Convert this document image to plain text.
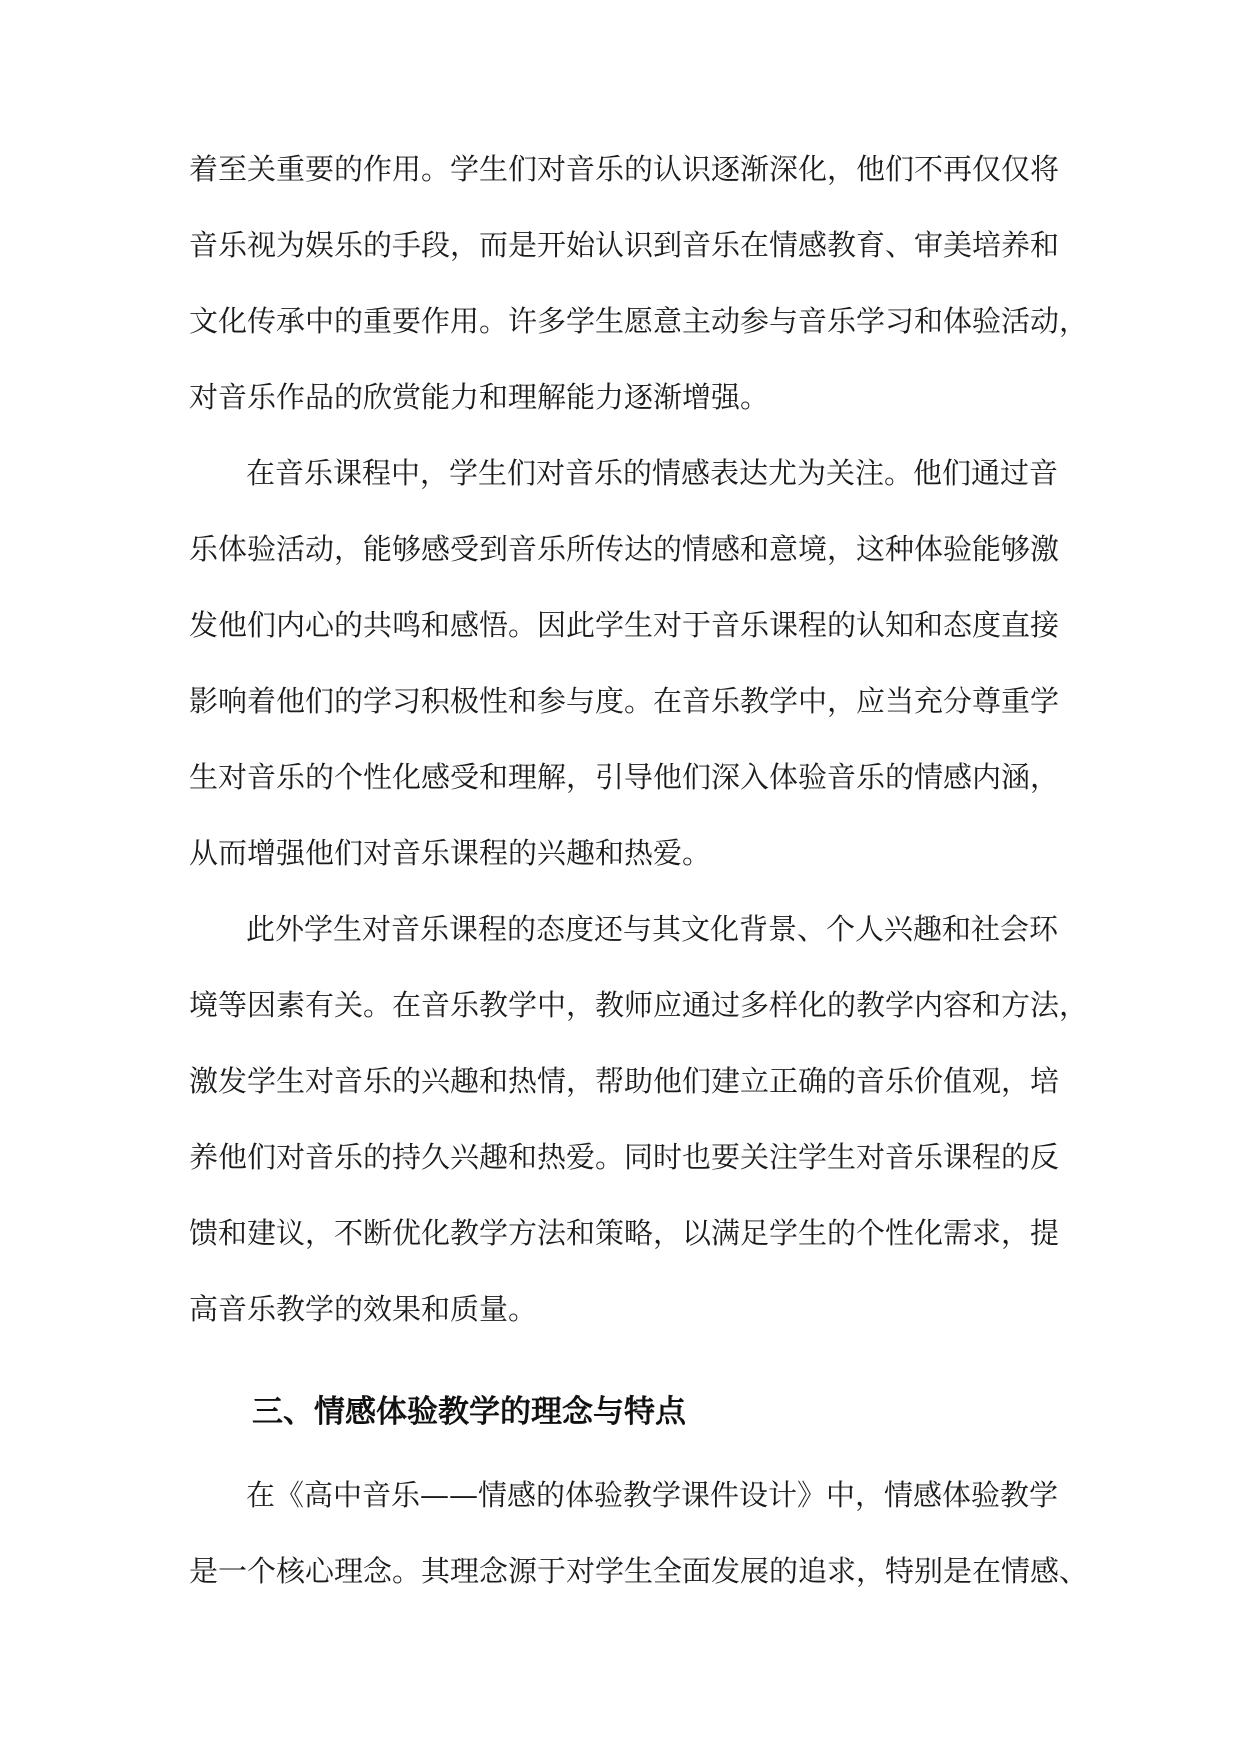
着至关重要的作用。学生们对音乐的认识逐渐深化，他们不再仅仅将
音乐视为娱乐的手段，而是开始认识到音乐在情感教育、审美培养和
文化传承中的重要作用。许多学生愿意主动参与音乐学习和体验活动，
对音乐作品的欣赏能力和理解能力逐渐增强。
在音乐课程中，学生们对音乐的情感表达尤为关注。他们通过音
乐体验活动，能够感受到音乐所传达的情感和意境，这种体验能够激
发他们内心的共鸣和感悟。因此学生对于音乐课程的认知和态度直接
影响着他们的学习积极性和参与度。在音乐教学中，应当充分尊重学
生对音乐的个性化感受和理解，引导他们深入体验音乐的情感内涵，
从而增强他们对音乐课程的兴趣和热爱。
此外学生对音乐课程的态度还与其文化背景、个人兴趣和社会环
境等因素有关。在音乐教学中，教师应通过多样化的教学内容和方法，
激发学生对音乐的兴趣和热情，帮助他们建立正确的音乐价值观，培
养他们对音乐的持久兴趣和热爱。同时也要关注学生对音乐课程的反
馈和建议，不断优化教学方法和策略，以满足学生的个性化需求，提
高音乐教学的效果和质量。
三、情感体验教学的理念与特点
在《高中音乐——情感的体验教学课件设计》中，情感体验教学
是一个核心理念。其理念源于对学生全面发展的追求，特别是在情感、
